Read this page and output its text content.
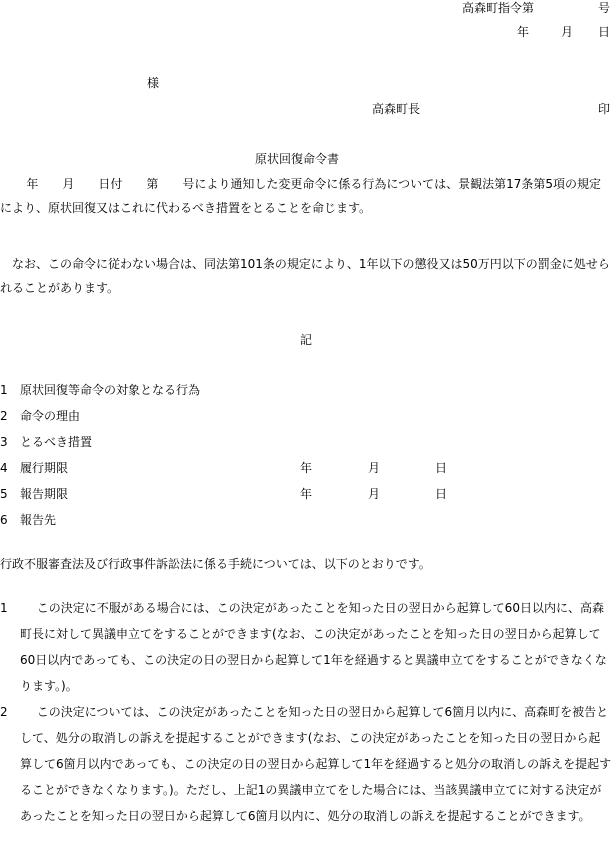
高森町指令第	号
年	月 日
様
高森町長	印
原状回復命令書
年　　月　　日付　　第　　号により通知した変更命令に係る行為については、景観法第17条第5項の規定により、原状回復又はこれに代わるべき措置をとることを命じます。
なお、この命令に従わない場合は、同法第101条の規定により、1年以下の懲役又は50万円以下の罰金に処せられることがあります。
記
1 原状回復等命令の対象となる行為
2 命令の理由
3 とるべき措置
4 履行期限	年	月	日
5 報告期限	年	月	日
6 報告先
行政不服審査法及び行政事件訴訟法に係る手続については、以下のとおりです。
1	この決定に不服がある場合には、この決定があったことを知った日の翌日から起算して60日以内に、高森町長に対して異議申立てをすることができます(なお、この決定があったことを知った日の翌日から起算して60日以内であっても、この決定の日の翌日から起算して1年を経過すると異議申立てをすることができなくなります。)。
2	この決定については、この決定があったことを知った日の翌日から起算して6箇月以内に、高森町を被告として、処分の取消しの訴えを提起することができます(なお、この決定があったことを知った日の翌日から起算して6箇月以内であっても、この決定の日の翌日から起算して1年を経過すると処分の取消しの訴えを提起することができなくなります。)。ただし、上記1の異議申立てをした場合には、当該異議申立てに対する決定があったことを知った日の翌日から起算して6箇月以内に、処分の取消しの訴えを提起することができます。
